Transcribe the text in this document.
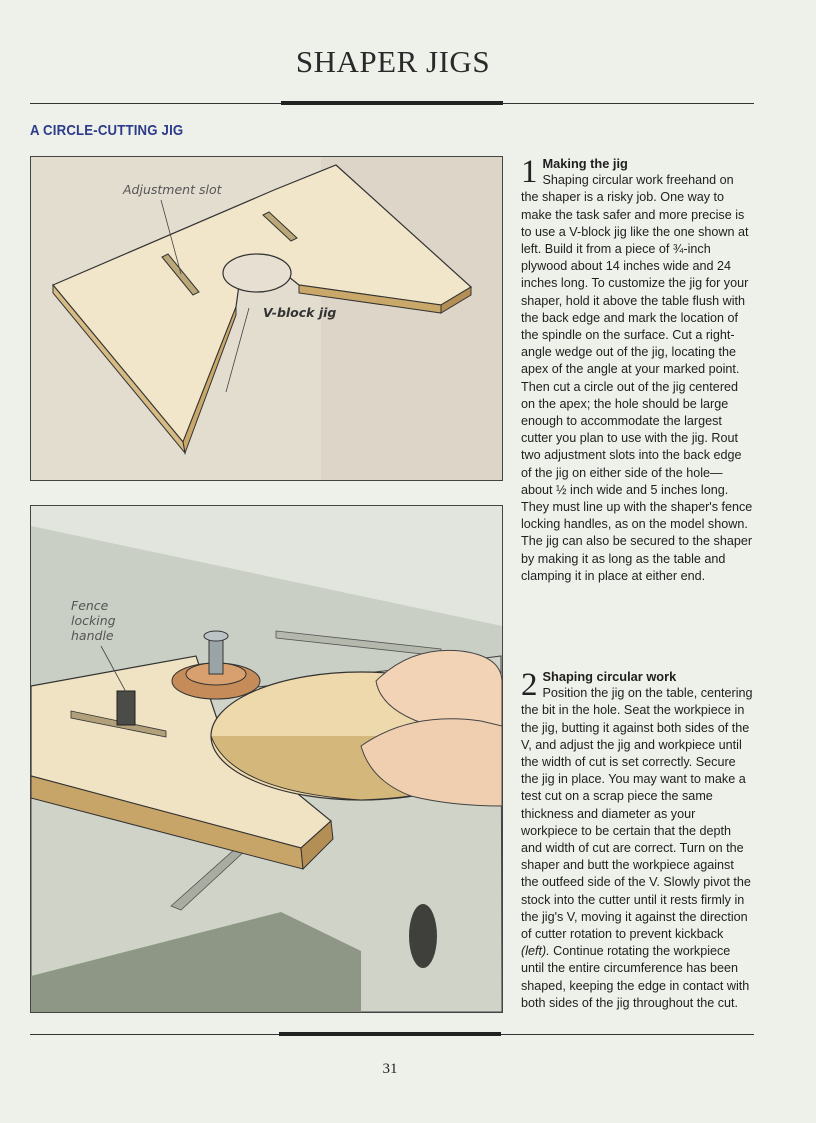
SHAPER JIGS
A CIRCLE-CUTTING JIG
Adjustment slot
V-block jig
Fence
locking
handle
1 Making the jig
Shaping circular work freehand on the shaper is a risky job. One way to make the task safer and more precise is to use a V-block jig like the one shown at left. Build it from a piece of ¾-inch plywood about 14 inches wide and 24 inches long. To customize the jig for your shaper, hold it above the table flush with the back edge and mark the location of the spindle on the surface. Cut a right-angle wedge out of the jig, locating the apex of the angle at your marked point. Then cut a circle out of the jig centered on the apex; the hole should be large enough to accommodate the largest cutter you plan to use with the jig. Rout two adjustment slots into the back edge of the jig on either side of the hole—about ½ inch wide and 5 inches long. They must line up with the shaper's fence locking handles, as on the model shown. The jig can also be secured to the shaper by making it as long as the table and clamping it in place at either end.
2 Shaping circular work
Position the jig on the table, centering the bit in the hole. Seat the workpiece in the jig, butting it against both sides of the V, and adjust the jig and workpiece until the width of cut is set correctly. Secure the jig in place. You may want to make a test cut on a scrap piece the same thickness and diameter as your workpiece to be certain that the depth and width of cut are correct. Turn on the shaper and butt the workpiece against the outfeed side of the V. Slowly pivot the stock into the cutter until it rests firmly in the jig's V, moving it against the direction of cutter rotation to prevent kickback (left). Continue rotating the workpiece until the entire circumference has been shaped, keeping the edge in contact with both sides of the jig throughout the cut.
31
